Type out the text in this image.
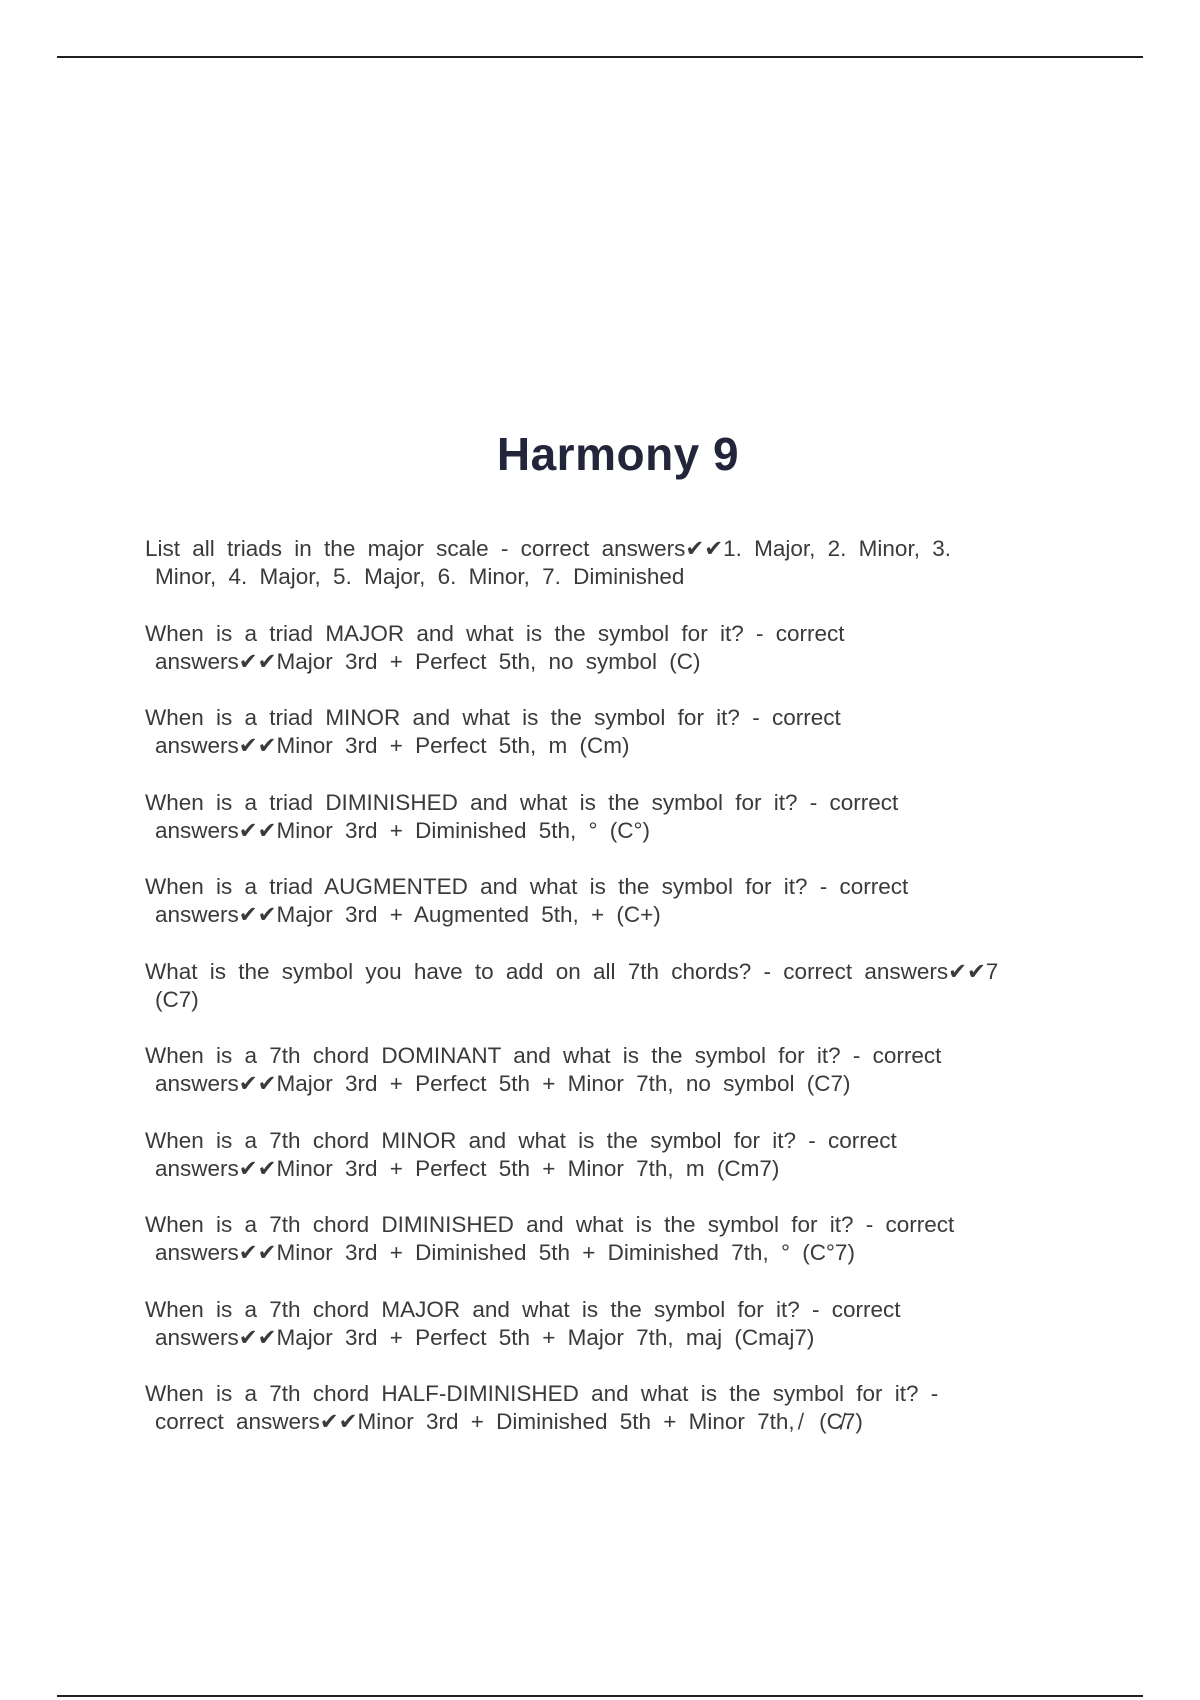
Harmony 9
List all triads in the major scale - correct answers✔✔1. Major, 2. Minor, 3.
Minor, 4. Major, 5. Major, 6. Minor, 7. Diminished
When is a triad MAJOR and what is the symbol for it? - correct
answers✔✔Major 3rd + Perfect 5th, no symbol (C)
When is a triad MINOR and what is the symbol for it? - correct
answers✔✔Minor 3rd + Perfect 5th, m (Cm)
When is a triad DIMINISHED and what is the symbol for it? - correct
answers✔✔Minor 3rd + Diminished 5th, ° (C°)
When is a triad AUGMENTED and what is the symbol for it? - correct
answers✔✔Major 3rd + Augmented 5th, + (C+)
What is the symbol you have to add on all 7th chords? - correct answers✔✔7
(C7)
When is a 7th chord DOMINANT and what is the symbol for it? - correct
answers✔✔Major 3rd + Perfect 5th + Minor 7th, no symbol (C7)
When is a 7th chord MINOR and what is the symbol for it? - correct
answers✔✔Minor 3rd + Perfect 5th + Minor 7th, m (Cm7)
When is a 7th chord DIMINISHED and what is the symbol for it? - correct
answers✔✔Minor 3rd + Diminished 5th + Diminished 7th, ° (C°7)
When is a 7th chord MAJOR and what is the symbol for it? - correct
answers✔✔Major 3rd + Perfect 5th + Major 7th, maj (Cmaj7)
When is a 7th chord HALF-DIMINISHED and what is the symbol for it? -
correct answers✔✔Minor 3rd + Diminished 5th + Minor 7th, ̸ (C̸7)
